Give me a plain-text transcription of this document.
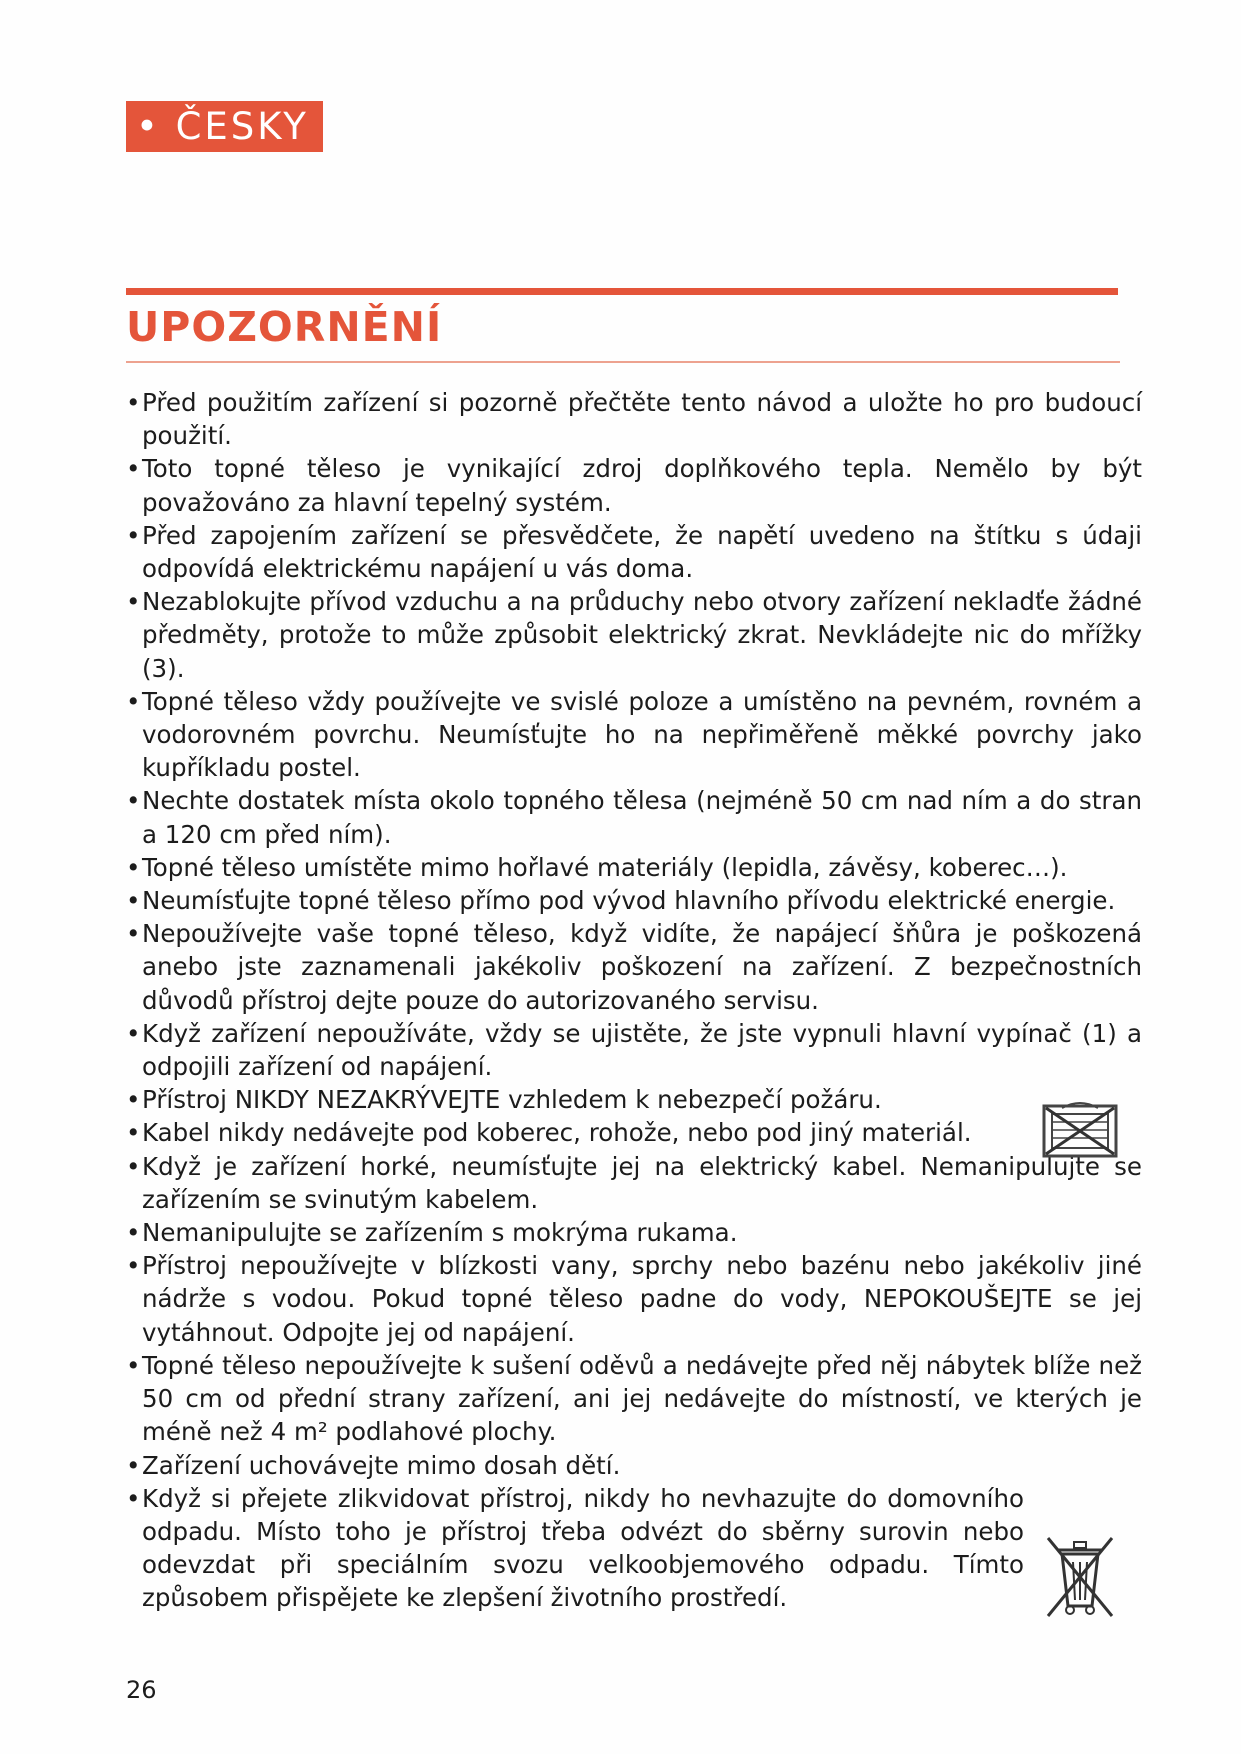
• ČESKY
UPOZORNĚNÍ
• Před použitím zařízení si pozorně přečtěte tento návod a uložte ho pro budoucí použití.
• Toto topné těleso je vynikající zdroj doplňkového tepla. Nemělo by být považováno za hlavní tepelný systém.
• Před zapojením zařízení se přesvědčete, že napětí uvedeno na štítku s údaji odpovídá elektrickému napájení u vás doma.
• Nezablokujte přívod vzduchu a na průduchy nebo otvory zařízení nekladťe žádné předměty, protože to může způsobit elektrický zkrat. Nevkládejte nic do mřížky (3).
• Topné těleso vždy používejte ve svislé poloze a umístěno na pevném, rovném a vodorovném povrchu. Neumísťujte ho na nepřiměřeně měkké povrchy jako kupříkladu postel.
• Nechte dostatek místa okolo topného tělesa (nejméně 50 cm nad ním a do stran a 120 cm před ním).
• Topné těleso umístěte mimo hořlavé materiály (lepidla, závěsy, koberec…).
• Neumísťujte topné těleso přímo pod vývod hlavního přívodu elektrické energie.
• Nepoužívejte vaše topné těleso, když vidíte, že napájecí šňůra je poškozená anebo jste zaznamenali jakékoliv poškození na zařízení. Z bezpečnostních důvodů přístroj dejte pouze do autorizovaného servisu.
• Když zařízení nepoužíváte, vždy se ujistěte, že jste vypnuli hlavní vypínač (1) a odpojili zařízení od napájení.
• Přístroj NIKDY NEZAKRÝVEJTE vzhledem k nebezpečí požáru.
• Kabel nikdy nedávejte pod koberec, rohože, nebo pod jiný materiál.
• Když je zařízení horké, neumísťujte jej na elektrický kabel. Nemanipulujte se zařízením se svinutým kabelem.
• Nemanipulujte se zařízením s mokrýma rukama.
• Přístroj nepoužívejte v blízkosti vany, sprchy nebo bazénu nebo jakékoliv jiné nádrže s vodou. Pokud topné těleso padne do vody, NEPOKOUŠEJTE se jej vytáhnout. Odpojte jej od napájení.
• Topné těleso nepoužívejte k sušení oděvů a nedávejte před něj nábytek blíže než 50 cm od přední strany zařízení, ani jej nedávejte do místností, ve kterých je méně než 4 m² podlahové plochy.
• Zařízení uchovávejte mimo dosah dětí.
• Když si přejete zlikvidovat přístroj, nikdy ho nevhazujte do domovního odpadu. Místo toho je přístroj třeba odvézt do sběrny surovin nebo odevzdat při speciálním svozu velkoobjemového odpadu. Tímto způsobem přispějete ke zlepšení životního prostředí.
26
